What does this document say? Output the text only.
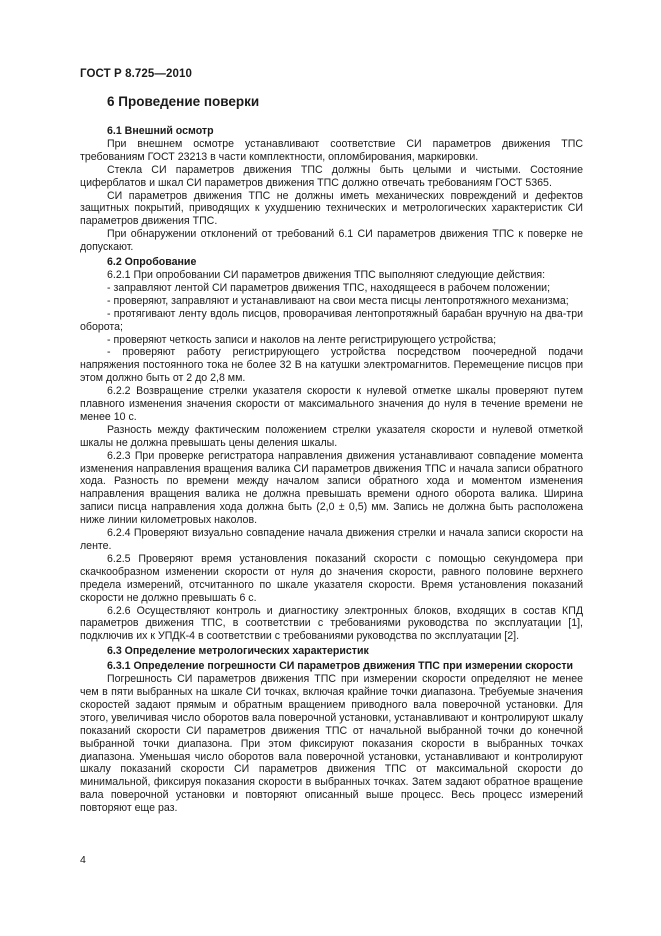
ГОСТ Р 8.725—2010
6 Проведение поверки
6.1 Внешний осмотр

При внешнем осмотре устанавливают соответствие СИ параметров движения ТПС требованиям ГОСТ 23213 в части комплектности, опломбирования, маркировки.

Стекла СИ параметров движения ТПС должны быть целыми и чистыми. Состояние циферблатов и шкал СИ параметров движения ТПС должно отвечать требованиям ГОСТ 5365.

СИ параметров движения ТПС не должны иметь механических повреждений и дефектов защитных покрытий, приводящих к ухудшению технических и метрологических характеристик СИ параметров движения ТПС.

При обнаружении отклонений от требований 6.1 СИ параметров движения ТПС к поверке не допускают.

6.2 Опробование

6.2.1 При опробовании СИ параметров движения ТПС выполняют следующие действия:

- заправляют лентой СИ параметров движения ТПС, находящееся в рабочем положении;

- проверяют, заправляют и устанавливают на свои места писцы лентопротяжного механизма;

- протягивают ленту вдоль писцов, проворачивая лентопротяжный барабан вручную на два-три оборота;

- проверяют четкость записи и наколов на ленте регистрирующего устройства;

- проверяют работу регистрирующего устройства посредством поочередной подачи напряжения постоянного тока не более 32 В на катушки электромагнитов. Перемещение писцов при этом должно быть от 2 до 2,8 мм.

6.2.2 Возвращение стрелки указателя скорости к нулевой отметке шкалы проверяют путем плавного изменения значения скорости от максимального значения до нуля в течение времени не менее 10 с.

Разность между фактическим положением стрелки указателя скорости и нулевой отметкой шкалы не должна превышать цены деления шкалы.

6.2.3 При проверке регистратора направления движения устанавливают совпадение момента изменения направления вращения валика СИ параметров движения ТПС и начала записи обратного хода. Разность по времени между началом записи обратного хода и моментом изменения направления вращения валика не должна превышать времени одного оборота валика. Ширина записи писца направления хода должна быть (2,0 ± 0,5) мм. Запись не должна быть расположена ниже линии километровых наколов.

6.2.4 Проверяют визуально совпадение начала движения стрелки и начала записи скорости на ленте.

6.2.5 Проверяют время установления показаний скорости с помощью секундомера при скачкообразном изменении скорости от нуля до значения скорости, равного половине верхнего предела измерений, отсчитанного по шкале указателя скорости. Время установления показаний скорости не должно превышать 6 с.

6.2.6 Осуществляют контроль и диагностику электронных блоков, входящих в состав КПД параметров движения ТПС, в соответствии с требованиями руководства по эксплуатации [1], подключив их к УПДК-4 в соответствии с требованиями руководства по эксплуатации [2].

6.3 Определение метрологических характеристик
6.3.1 Определение погрешности СИ параметров движения ТПС при измерении скорости

Погрешность СИ параметров движения ТПС при измерении скорости определяют не менее чем в пяти выбранных на шкале СИ точках, включая крайние точки диапазона. Требуемые значения скоростей задают прямым и обратным вращением приводного вала поверочной установки. Для этого, увеличивая число оборотов вала поверочной установки, устанавливают и контролируют шкалу показаний скорости СИ параметров движения ТПС от начальной выбранной точки до конечной выбранной точки диапазона. При этом фиксируют показания скорости в выбранных точках диапазона. Уменьшая число оборотов вала поверочной установки, устанавливают и контролируют шкалу показаний скорости СИ параметров движения ТПС от максимальной скорости до минимальной, фиксируя показания скорости в выбранных точках. Затем задают обратное вращение вала поверочной установки и повторяют описанный выше процесс. Весь процесс измерений повторяют еще раз.

4
